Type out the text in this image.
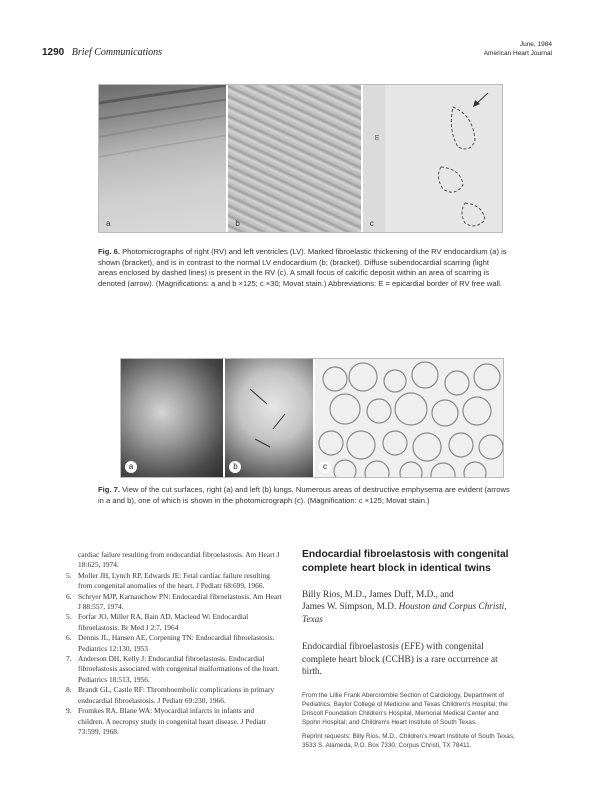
1290 Brief Communications
June, 1984
American Heart Journal
a	b
E
c
Fig. 6. Photomicrographs of right (RV) and left ventricles (LV). Marked fibroelastic thickening of the RV endocardium (a) is shown (bracket), and is in contrast to the normal LV endocardium (b; (bracket). Diffuse subendocardial scarring (light areas enclosed by dashed lines) is present in the RV (c). A small focus of calcific deposit within an area of scarring is denoted (arrow). (Magnifications: a and b ×125; c ×30; Movat stain.) Abbreviations: E = epicardial border of RV free wall.
a	b	c
Fig. 7. View of the cut surfaces, right (a) and left (b) lungs. Numerous areas of destructive emphysema are evident (arrows in a and b), one of which is shown in the photomicrograph (c). (Magnification: c ×125; Movat stain.)
cardiac failure resulting from endocardial fibroelastosis. Am Heart J 18:625, 1974.
5. Moller JH, Lynch RP, Edwards JE: Fetal cardiac failure resulting from congenital anomalies of the heart. J Pediatr 68:699, 1966.
6. Schryer MJP, Karnauchow PN: Endocardial fibroelastosis. Am Heart J 88:557, 1974.
5. Forfar JO, Miller RA, Bain AD, Macleod W: Endocardial fibroelastosis. Br Med J 2:7, 1964
6. Dennis JL, Hansen AE, Corpening TN: Endocardial fibroelastosis. Pediatrics 12:130, 1953
7. Anderson DH, Kelly J: Endocardial fibroelastosis. Endocardial fibroelastosis associated with congenital malformations of the heart. Pediatrics 18:513, 1956.
8. Brandt GL, Castle RF: Thromboembolic complications in primary endocardial fibroelastosis. J Pediatr 69:230, 1966.
9. Fromkes RA, Blane WA: Myocardial infarcts in infants and children. A necropsy study in congenital heart disease. J Pediatr 73:599, 1968.
Endocardial fibroelastosis with congenital complete heart block in identical twins
Billy Rios, M.D., James Duff, M.D., and
James W. Simpson, M.D. Houston and Corpus Christi, Texas
Endocardial fibroelastosis (EFE) with congenital complete heart block (CCHB) is a rare occurrence at birth.
From the Lillie Frank Abercrombie Section of Cardiology, Department of Pediatrics, Baylor College of Medicine and Texas Children's Hospital; the Driscoll Foundation Children's Hospital, Memorial Medical Center and Spohn Hospital; and Children's Heart Institute of South Texas.
Reprint requests: Billy Rios, M.D., Children's Heart Institute of South Texas, 3533 S. Alameda, P.O. Box 7330, Corpus Christi, TX 78411.
